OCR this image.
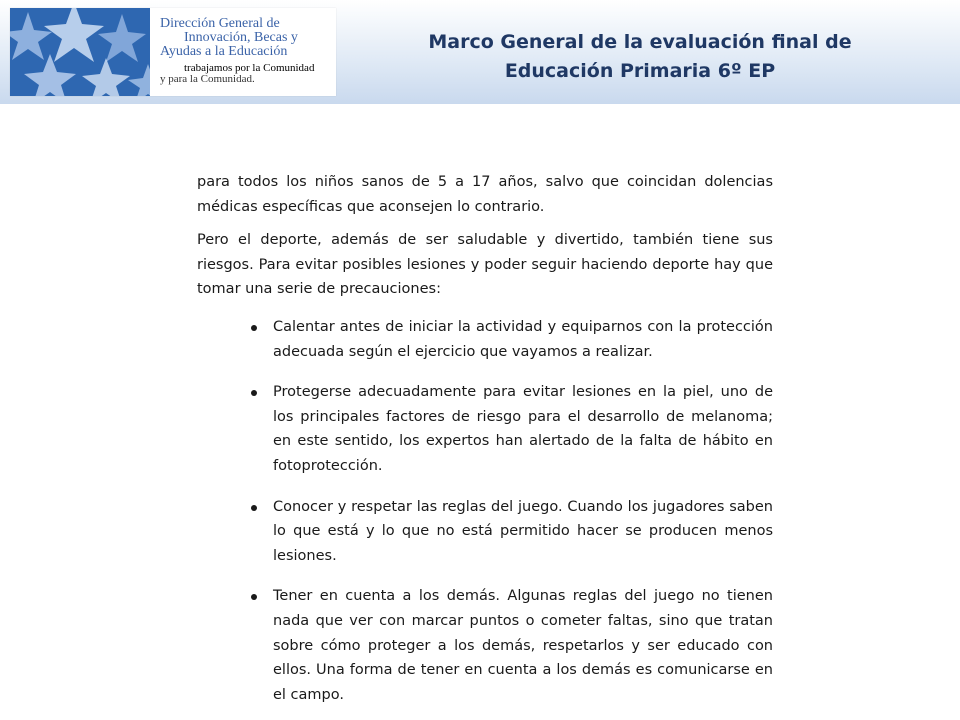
Dirección General de
Innovación, Becas y
Ayudas a la Educación
trabajamos por la Comunidad
y para la Comunidad.
Marco General de la evaluación final de
Educación Primaria 6º EP

para todos los niños sanos de 5 a 17 años, salvo que coincidan dolencias médicas específicas que aconsejen lo contrario.

Pero el deporte, además de ser saludable y divertido, también tiene sus riesgos. Para evitar posibles lesiones y poder seguir haciendo deporte hay que tomar una serie de precauciones:

Calentar antes de iniciar la actividad y equiparnos con la protección adecuada según el ejercicio que vayamos a realizar.
Protegerse adecuadamente para evitar lesiones en la piel, uno de los principales factores de riesgo para el desarrollo de melanoma; en este sentido, los expertos han alertado de la falta de hábito en fotoprotección.
Conocer y respetar las reglas del juego. Cuando los jugadores saben lo que está y lo que no está permitido hacer se producen menos lesiones.
Tener en cuenta a los demás. Algunas reglas del juego no tienen nada que ver con marcar puntos o cometer faltas, sino que tratan sobre cómo proteger a los demás, respetarlos y ser educado con ellos. Una forma de tener en cuenta a los demás es comunicarse en el campo.
